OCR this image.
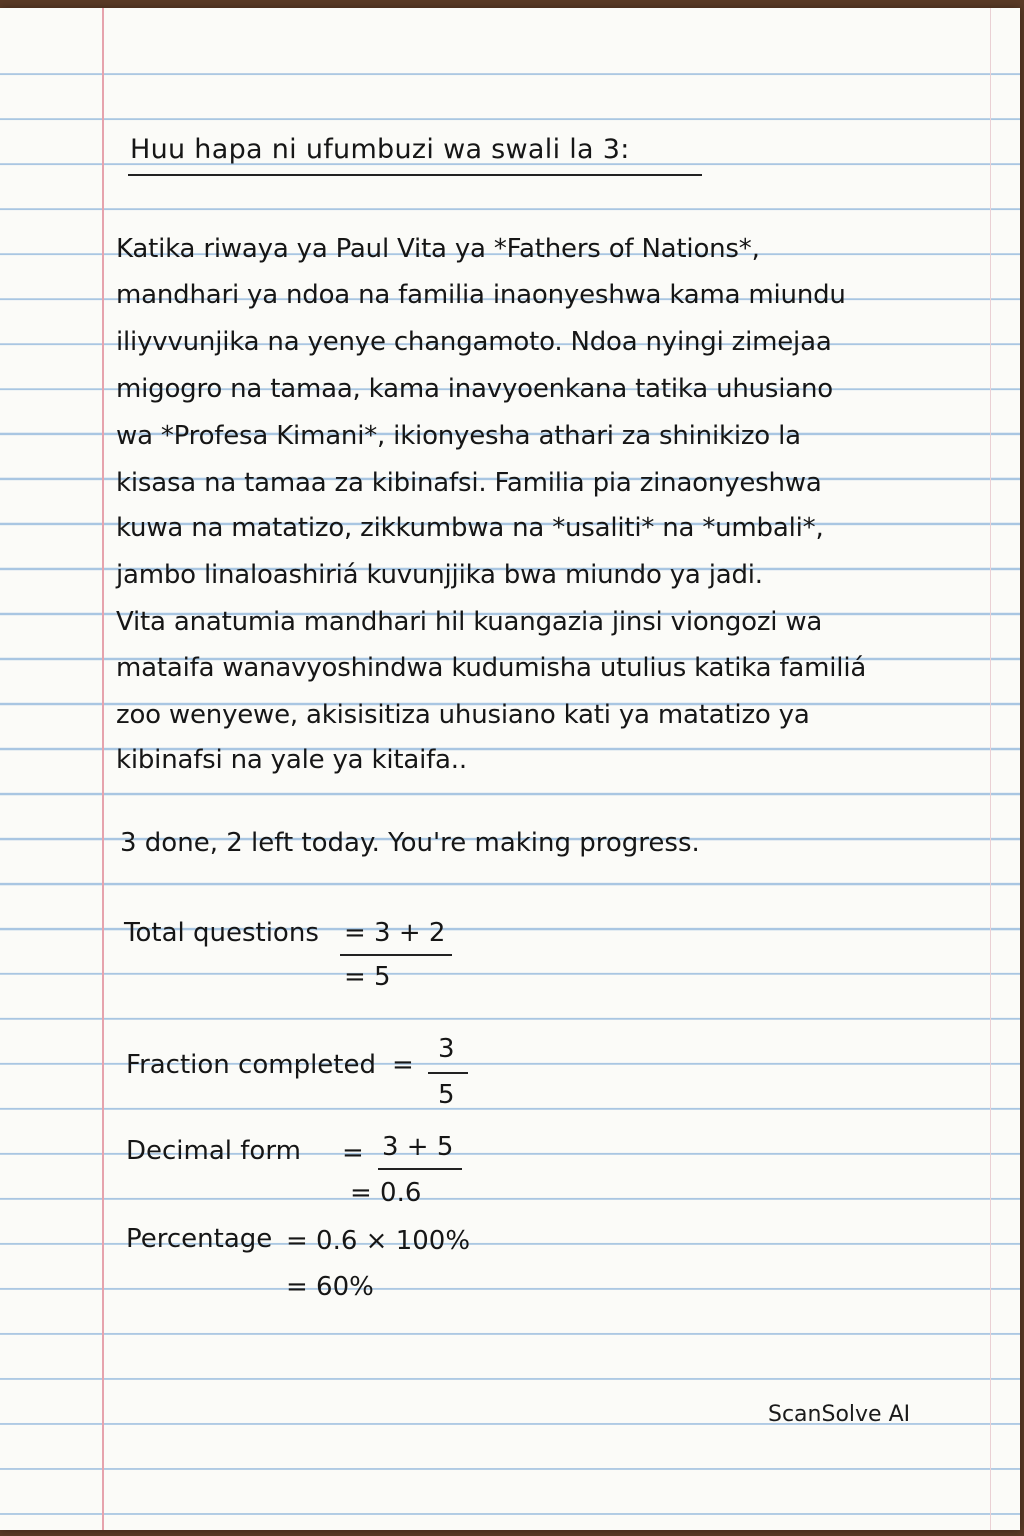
Huu hapa ni ufumbuzi wa swali la 3:
Katika riwaya ya Paul Vita ya *Fathers of Nations*,
mandhari ya ndoa na familia inaonyeshwa kama miundu
iliyvvunjika na yenye changamoto. Ndoa nyingi zimejaa
migogro na tamaa, kama inavyoenkana tatika uhusiano
wa *Profesa Kimani*, ikionyesha athari za shinikizo la
kisasa na tamaa za kibinafsi. Familia pia zinaonyeshwa
kuwa na matatizo, zikkumbwa na *usaliti* na *umbali*,
jambo linaloashiriá kuvunjjika bwa miundo ya jadi.
Vita anatumia mandhari hil kuangazia jinsi viongozi wa
mataifa wanavyoshindwa kudumisha utulius katika familiá
zoo wenyewe, akisisitiza uhusiano kati ya matatizo ya
kibinafsi na yale ya kitaifa..
3 done, 2 left today. You're making progress.
Total questions = 3 + 2
= 5
Fraction completed =
3
5
Decimal form = 3 + 5
= 0.6
Percentage = 0.6 × 100%
= 60%
ScanSolve AI
